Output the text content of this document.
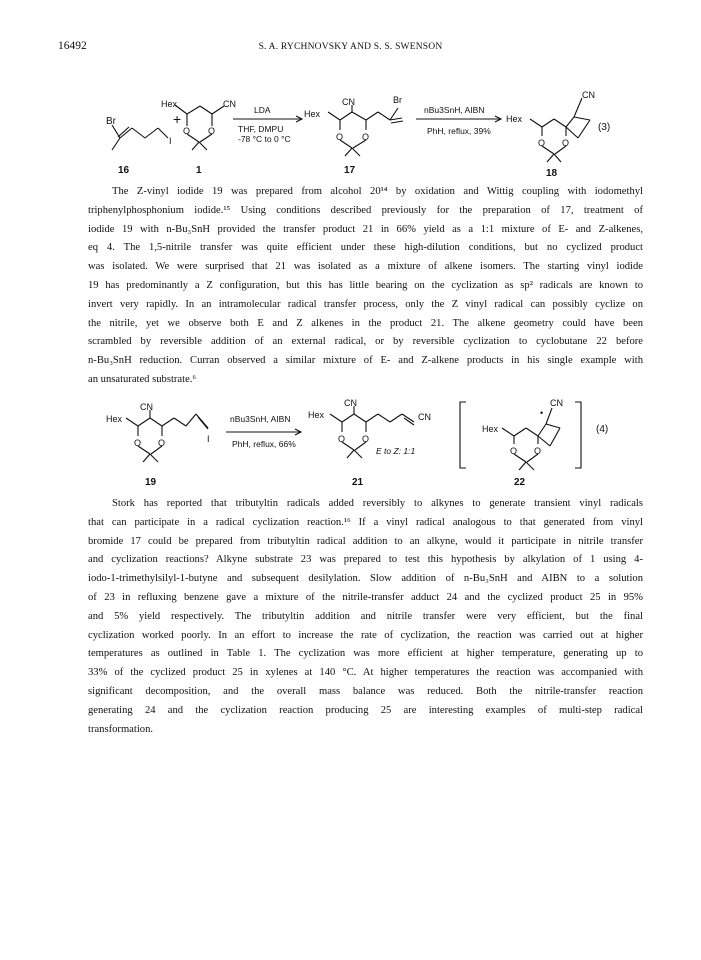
16492	S. A. RYCHNOVSKY AND S. S. SWENSON
Br
I
+
Hex	CN
O O
LDA
THF, DMPU
-78 °C to 0 °C
Hex
CN	Br
O O
nBu3SnH, AIBN
PhH, reflux, 39%
Hex
CN
O O
(3)
16	1	17	18
The Z-vinyl iodide 19 was prepared from alcohol 20¹⁴ by oxidation and Wittig coupling with iodomethyl
triphenylphosphonium iodide.¹⁵ Using conditions described previously for the preparation of 17, treatment of
iodide 19 with n-Bu₃SnH provided the transfer product 21 in 66% yield as a 1:1 mixture of E- and Z-alkenes,
eq 4. The 1,5-nitrile transfer was quite efficient under these high-dilution conditions, but no cyclized product
was isolated. We were surprised that 21 was isolated as a mixture of alkene isomers. The starting vinyl iodide
19 has predominantly a Z configuration, but this has little bearing on the cyclization as sp² radicals are known to
invert very rapidly. In an intramolecular radical transfer process, only the Z vinyl radical can possibly cyclize on
the nitrile, yet we observe both E and Z alkenes in the product 21. The alkene geometry could have been
scrambled by reversible addition of an external radical, or by reversible cyclization to cyclobutane 22 before
n-Bu₃SnH reduction. Curran observed a similar mixture of E- and Z-alkene products in his single example with
an unsaturated substrate.⁶
Hex
CN
O O	I
nBu3SnH, AIBN
PhH, reflux, 66%
Hex
CN
CN
O O
E to Z: 1:1
Hex
CN
•
O O
(4)
19	21	22
Stork has reported that tributyltin radicals added reversibly to alkynes to generate transient vinyl radicals
that can participate in a radical cyclization reaction.¹⁶ If a vinyl radical analogous to that generated from vinyl
bromide 17 could be prepared from tributyltin radical addition to an alkyne, would it participate in nitrile transfer
and cyclization reactions? Alkyne substrate 23 was prepared to test this hypothesis by alkylation of 1 using 4-
iodo-1-trimethylsilyl-1-butyne and subsequent desilylation. Slow addition of n-Bu₃SnH and AIBN to a solution
of 23 in refluxing benzene gave a mixture of the nitrile-transfer adduct 24 and the cyclized product 25 in 95%
and 5% yield respectively. The tributyltin addition and nitrile transfer were very efficient, but the final
cyclization worked poorly. In an effort to increase the rate of cyclization, the reaction was carried out at higher
temperatures as outlined in Table 1. The cyclization was more efficient at higher temperature, generating up to
33% of the cyclized product 25 in xylenes at 140 °C. At higher temperatures the reaction was accompanied with
significant decomposition, and the overall mass balance was reduced. Both the nitrile-transfer reaction
generating 24 and the cyclization reaction producing 25 are interesting examples of multi-step radical
transformation.
